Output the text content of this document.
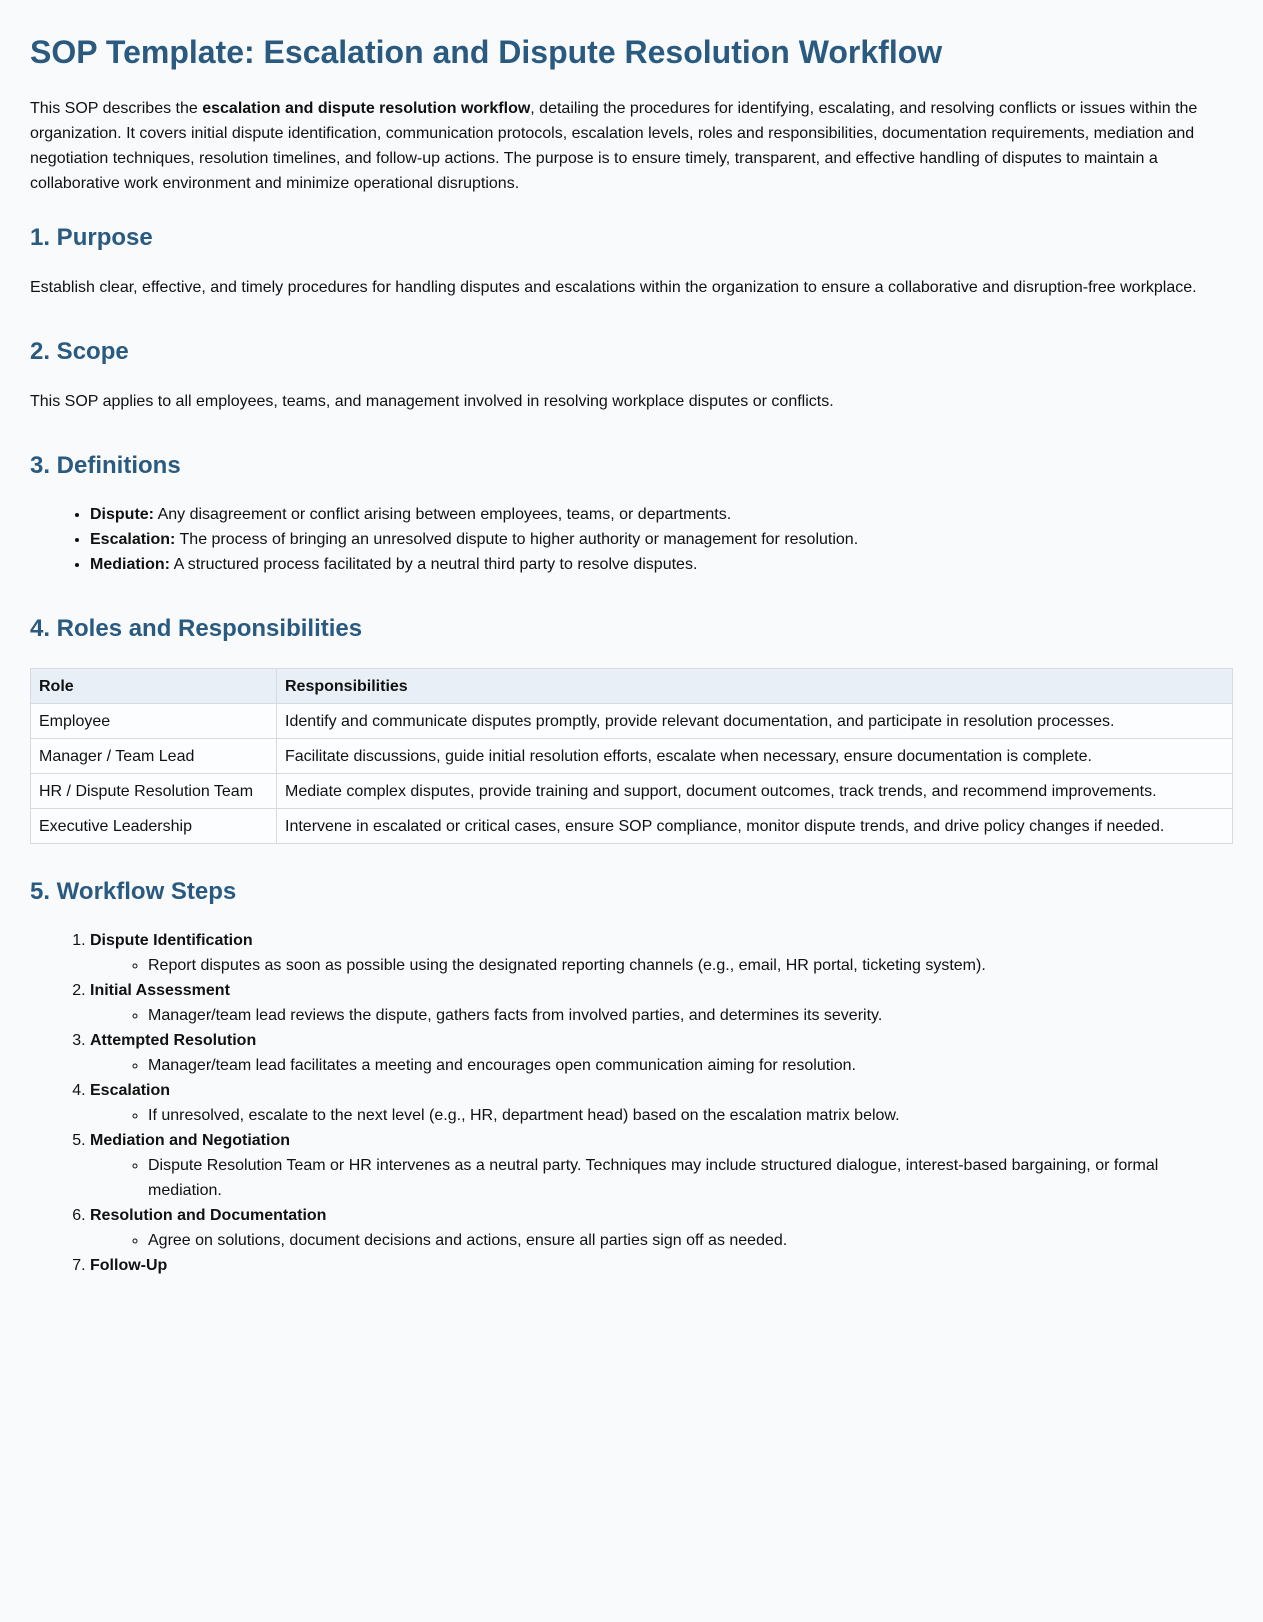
SOP Template: Escalation and Dispute Resolution Workflow

This SOP describes the escalation and dispute resolution workflow, detailing the procedures for identifying, escalating, and resolving conflicts or issues within the organization. It covers initial dispute identification, communication protocols, escalation levels, roles and responsibilities, documentation requirements, mediation and negotiation techniques, resolution timelines, and follow-up actions. The purpose is to ensure timely, transparent, and effective handling of disputes to maintain a collaborative work environment and minimize operational disruptions.

1. Purpose

Establish clear, effective, and timely procedures for handling disputes and escalations within the organization to ensure a collaborative and disruption-free workplace.

2. Scope

This SOP applies to all employees, teams, and management involved in resolving workplace disputes or conflicts.

3. Definitions
• Dispute: Any disagreement or conflict arising between employees, teams, or departments.
• Escalation: The process of bringing an unresolved dispute to higher authority or management for resolution.
• Mediation: A structured process facilitated by a neutral third party to resolve disputes.
4. Roles and Responsibilities
Role	Responsibilities
Employee	Identify and communicate disputes promptly, provide relevant documentation, and participate in resolution processes.
Manager / Team Lead	Facilitate discussions, guide initial resolution efforts, escalate when necessary, ensure documentation is complete.
HR / Dispute Resolution Team	Mediate complex disputes, provide training and support, document outcomes, track trends, and recommend improvements.
Executive Leadership	Intervene in escalated or critical cases, ensure SOP compliance, monitor dispute trends, and drive policy changes if needed.
5. Workflow Steps
1. Dispute Identification
◦ Report disputes as soon as possible using the designated reporting channels (e.g., email, HR portal, ticketing system).
2. Initial Assessment
◦ Manager/team lead reviews the dispute, gathers facts from involved parties, and determines its severity.
3. Attempted Resolution
◦ Manager/team lead facilitates a meeting and encourages open communication aiming for resolution.
4. Escalation
◦ If unresolved, escalate to the next level (e.g., HR, department head) based on the escalation matrix below.
5. Mediation and Negotiation
◦ Dispute Resolution Team or HR intervenes as a neutral party. Techniques may include structured dialogue, interest-based bargaining, or formal mediation.
6. Resolution and Documentation
◦ Agree on solutions, document decisions and actions, ensure all parties sign off as needed.
7. Follow-Up
